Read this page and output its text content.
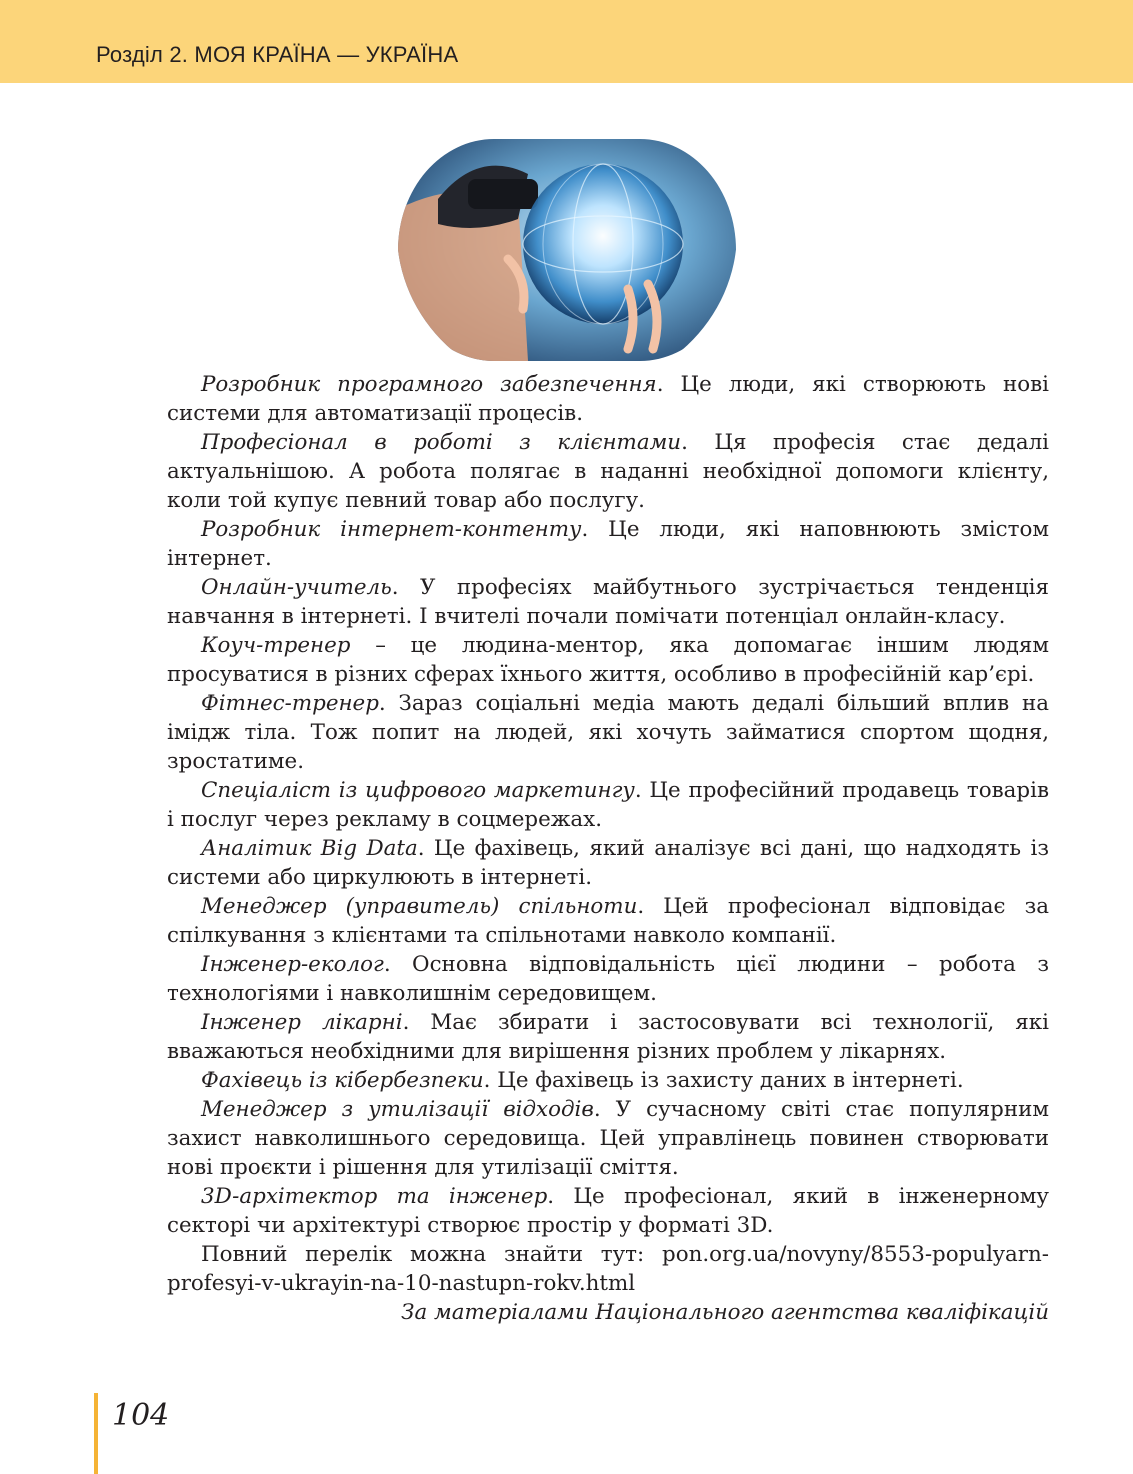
Розділ 2. МОЯ КРАЇНА — УКРАЇНА

Розробник програмного забезпечення. Це люди, які створюють нові системи для автоматизації процесів.

Професіонал в роботі з клієнтами. Ця професія стає дедалі актуальнішою. А робота полягає в наданні необхідної допомоги клієнту, коли той купує певний товар або послугу.

Розробник інтернет-контенту. Це люди, які наповнюють змістом інтернет.

Онлайн-учитель. У професіях майбутнього зустрічається тенденція навчання в інтернеті. І вчителі почали помічати потенціал онлайн-класу.

Коуч-тренер – це людина-ментор, яка допомагає іншим людям просуватися в різних сферах їхнього життя, особливо в професійній кар’єрі.

Фітнес-тренер. Зараз соціальні медіа мають дедалі більший вплив на імідж тіла. Тож попит на людей, які хочуть займатися спортом щодня, зростатиме.

Спеціаліст із цифрового маркетингу. Це професійний продавець товарів і послуг через рекламу в соцмережах.

Аналітик Big Data. Це фахівець, який аналізує всі дані, що надходять із системи або циркулюють в інтернеті.

Менеджер (управитель) спільноти. Цей професіонал відповідає за спілкування з клієнтами та спільнотами навколо компанії.

Інженер-еколог. Основна відповідальність цієї людини – робота з технологіями і навколишнім середовищем.

Інженер лікарні. Має збирати і застосовувати всі технології, які вважаються необхідними для вирішення різних проблем у лікарнях.

Фахівець із кібербезпеки. Це фахівець із захисту даних в інтернеті.

Менеджер з утилізації відходів. У сучасному світі стає популярним захист навколишнього середовища. Цей управлінець повинен створювати нові проєкти і рішення для утилізації сміття.

3D-архітектор та інженер. Це професіонал, який в інженерному секторі чи архітектурі створює простір у форматі 3D.

Повний перелік можна знайти тут: pon.org.ua/novyny/8553-populyarn-profesyi-v-ukrayin-na-10-nastupn-rokv.html

За матеріалами Національного агентства кваліфікацій

104
